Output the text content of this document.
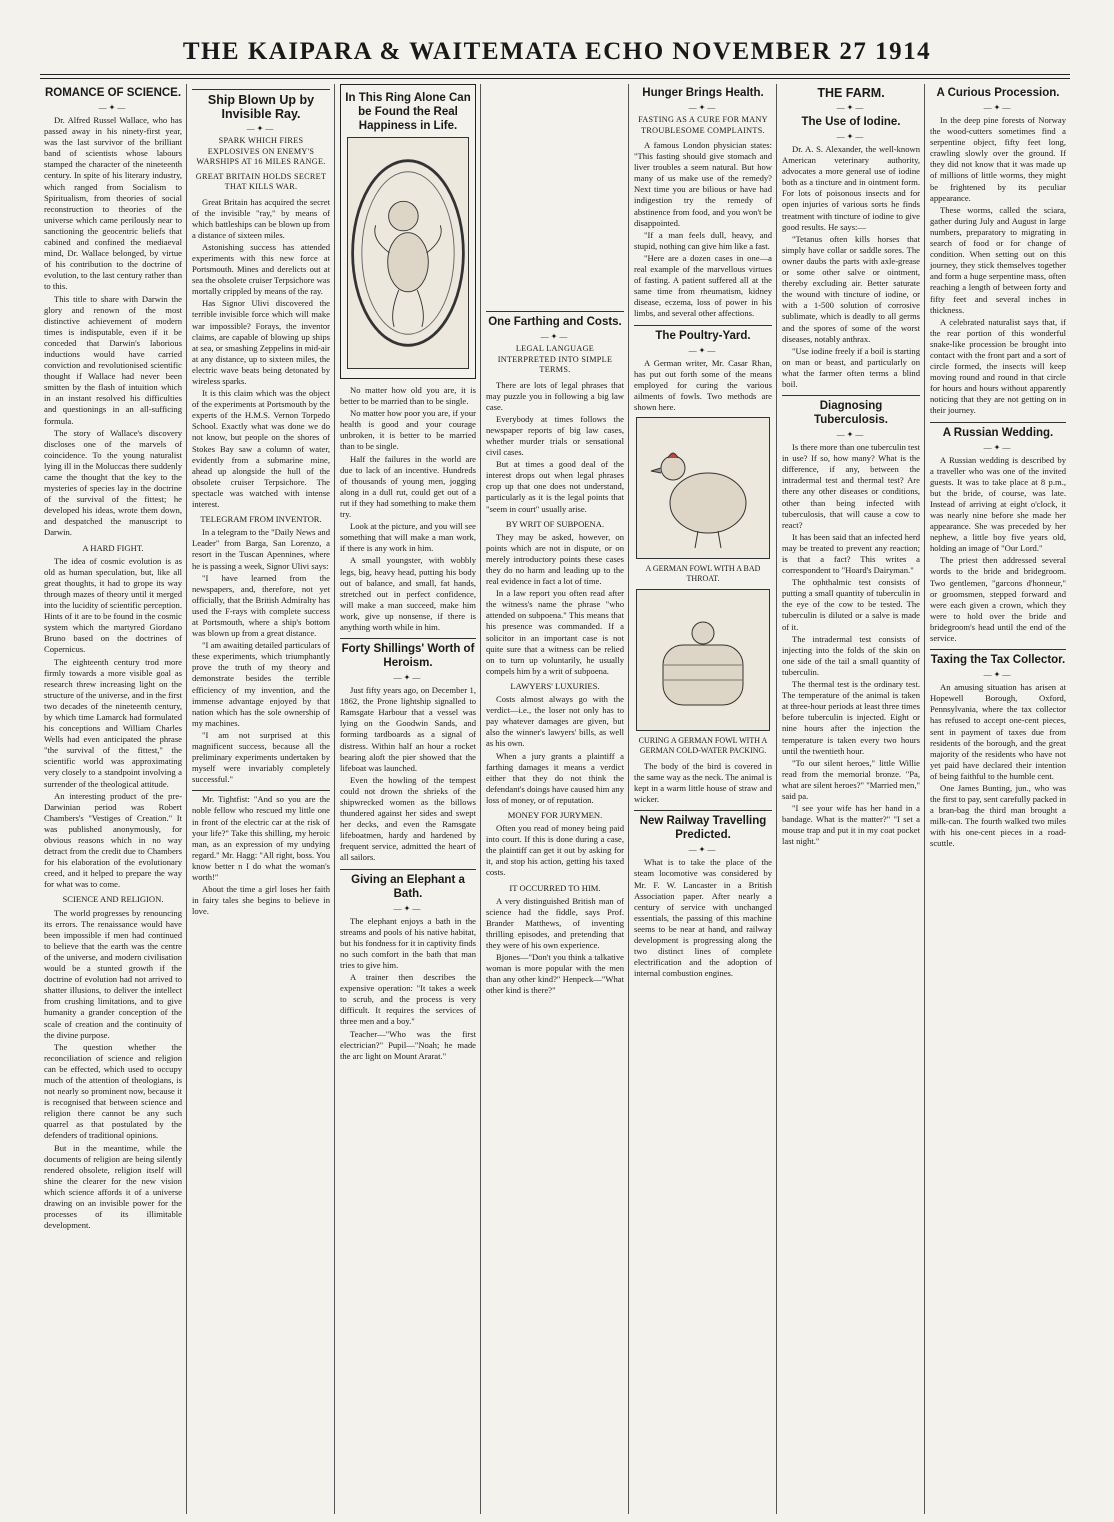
THE KAIPARA & WAITEMATA ECHO NOVEMBER 27 1914
ROMANCE OF SCIENCE.
—✦—

Dr. Alfred Russel Wallace, who has passed away in his ninety-first year, was the last survivor of the brilliant band of scientists whose labours stamped the character of the nineteenth century. In spite of his literary industry, which ranged from Socialism to Spiritualism, from theories of social reconstruction to theories of the universe which came perilously near to sanctioning the geocentric beliefs that cabined and confined the mediaeval mind, Dr. Wallace belonged, by virtue of his contribution to the doctrine of evolution, to the last century rather than to this.

This title to share with Darwin the glory and renown of the most distinctive achievement of modern times is indisputable, even if it be conceded that Darwin's laborious inductions would have carried conviction and revolutionised scientific thought if Wallace had never been smitten by the flash of intuition which in an instant resolved his difficulties and questionings in an all-sufficing formula.

The story of Wallace's discovery discloses one of the marvels of coincidence. To the young naturalist lying ill in the Moluccas there suddenly came the thought that the key to the mysteries of species lay in the doctrine of the survival of the fittest; he developed his ideas, wrote them down, and despatched the manuscript to Darwin.

A HARD FIGHT.

The idea of cosmic evolution is as old as human speculation, but, like all great thoughts, it had to grope its way through mazes of theory until it merged into the lucidity of scientific perception. Hints of it are to be found in the cosmic system which the martyred Giordano Bruno based on the doctrines of Copernicus.

The eighteenth century trod more firmly towards a more visible goal as research threw increasing light on the structure of the universe, and in the first two decades of the nineteenth century, by which time Lamarck had formulated his conceptions and William Charles Wells had even anticipated the phrase "the survival of the fittest," the scientific world was approximating very closely to a standpoint involving a surrender of the theological attitude.

An interesting product of the pre-Darwinian period was Robert Chambers's "Vestiges of Creation." It was published anonymously, for obvious reasons which in no way detract from the credit due to Chambers for his elaboration of the evolutionary creed, and it helped to prepare the way for what was to come.

SCIENCE AND RELIGION.

The world progresses by renouncing its errors. The renaissance would have been impossible if men had continued to believe that the earth was the centre of the universe, and modern civilisation would be a stunted growth if the doctrine of evolution had not arrived to shatter illusions, to deliver the intellect from crushing limitations, and to give humanity a grander conception of the scale of creation and the continuity of the divine purpose.

The question whether the reconciliation of science and religion can be effected, which used to occupy much of the attention of theologians, is not nearly so prominent now, because it is recognised that between science and religion there cannot be any such quarrel as that postulated by the defenders of traditional opinions.

But in the meantime, while the documents of religion are being silently rendered obsolete, religion itself will shine the clearer for the new vision which science affords it of a universe drawing on an invisible power for the processes of its illimitable development.

Ship Blown Up by Invisible Ray.
—✦—
SPARK WHICH FIRES EXPLOSIVES ON ENEMY'S WARSHIPS AT 16 MILES RANGE.
GREAT BRITAIN HOLDS SECRET THAT KILLS WAR.

Great Britain has acquired the secret of the invisible "ray," by means of which battleships can be blown up from a distance of sixteen miles.

Astonishing success has attended experiments with this new force at Portsmouth. Mines and derelicts out at sea the obsolete cruiser Terpsichore was mortally crippled by means of the ray.

Has Signor Ulivi discovered the terrible invisible force which will make war impossible? Forays, the inventor claims, are capable of blowing up ships at sea, or smashing Zeppelins in mid-air at any distance, up to sixteen miles, the electric wave beats being detonated by wireless sparks.

It is this claim which was the object of the experiments at Portsmouth by the experts of the H.M.S. Vernon Torpedo School. Exactly what was done we do not know, but people on the shores of Stokes Bay saw a column of water, evidently from a submarine mine, ahead up alongside the hull of the obsolete cruiser Terpsichore. The spectacle was watched with intense interest.

TELEGRAM FROM INVENTOR.

In a telegram to the "Daily News and Leader" from Barga, San Lorenzo, a resort in the Tuscan Apennines, where he is passing a week, Signor Ulivi says:

"I have learned from the newspapers, and, therefore, not yet officially, that the British Admiralty has used the F-rays with complete success at Portsmouth, where a ship's bottom was blown up from a great distance.

"I am awaiting detailed particulars of these experiments, which triumphantly prove the truth of my theory and demonstrate besides the terrible efficiency of my invention, and the immense advantage enjoyed by that nation which has the sole ownership of my machines.

"I am not surprised at this magnificent success, because all the preliminary experiments undertaken by myself were invariably completely successful."

Mr. Tightfist: "And so you are the noble fellow who rescued my little one in front of the electric car at the risk of your life?" Take this shilling, my heroic man, as an expression of my undying regard." Mr. Hagg: "All right, boss. You know better n I do what the woman's worth!"

About the time a girl loses her faith in fairy tales she begins to believe in love.

In This Ring Alone Can be Found the Real Happiness in Life.

No matter how old you are, it is better to be married than to be single.

No matter how poor you are, if your health is good and your courage unbroken, it is better to be married than to be single.

Half the failures in the world are due to lack of an incentive. Hundreds of thousands of young men, jogging along in a dull rut, could get out of a rut if they had something to make them try.

Look at the picture, and you will see something that will make a man work, if there is any work in him.

A small youngster, with wobbly legs, big, heavy head, putting his body out of balance, and small, fat hands, stretched out in perfect confidence, will make a man succeed, make him work, give up nonsense, if there is anything worth while in him.

Forty Shillings' Worth of Heroism.
—✦—

Just fifty years ago, on December 1, 1862, the Prone lightship signalled to Ramsgate Harbour that a vessel was lying on the Goodwin Sands, and forming tardboards as a signal of distress. Within half an hour a rocket bearing aloft the pier showed that the lifeboat was launched.

Even the howling of the tempest could not drown the shrieks of the shipwrecked women as the billows thundered against her sides and swept her decks, and even the Ramsgate lifeboatmen, hardy and hardened by frequent service, admitted the heart of all sailors.

Giving an Elephant a Bath.
—✦—

The elephant enjoys a bath in the streams and pools of his native habitat, but his fondness for it in captivity finds no such comfort in the bath that man tries to give him.

A trainer then describes the expensive operation: "It takes a week to scrub, and the process is very difficult. It requires the services of three men and a boy."

Teacher—"Who was the first electrician?" Pupil—"Noah; he made the arc light on Mount Ararat."

One Farthing and Costs.
—✦—
LEGAL LANGUAGE INTERPRETED INTO SIMPLE TERMS.

There are lots of legal phrases that may puzzle you in following a big law case.

Everybody at times follows the newspaper reports of big law cases, whether murder trials or sensational civil cases.

But at times a good deal of the interest drops out when legal phrases crop up that one does not understand, particularly as it is the legal points that "seem in court" usually arise.

BY WRIT OF SUBPOENA.

They may be asked, however, on points which are not in dispute, or on merely introductory points these cases they do no harm and leading up to the real evidence in fact a lot of time.

In a law report you often read after the witness's name the phrase "who attended on subpoena." This means that his presence was commanded. If a solicitor in an important case is not quite sure that a witness can be relied on to turn up voluntarily, he usually compels him by a writ of subpoena.

LAWYERS' LUXURIES.

Costs almost always go with the verdict—i.e., the loser not only has to pay whatever damages are given, but also the winner's lawyers' bills, as well as his own.

When a jury grants a plaintiff a farthing damages it means a verdict either that they do not think the defendant's doings have caused him any loss of money, or of reputation.

MONEY FOR JURYMEN.

Often you read of money being paid into court. If this is done during a case, the plaintiff can get it out by asking for it, and stop his action, getting his taxed costs.

IT OCCURRED TO HIM.

A very distinguished British man of science had the fiddle, says Prof. Brander Matthews, of inventing thrilling episodes, and pretending that they were of his own experience.

Bjones—"Don't you think a talkative woman is more popular with the men than any other kind?" Henpeck—"What other kind is there?"

Hunger Brings Health.
—✦—
FASTING AS A CURE FOR MANY TROUBLESOME COMPLAINTS.

A famous London physician states: "This fasting should give stomach and liver troubles a seem natural. But how many of us make use of the remedy? Next time you are bilious or have had indigestion try the remedy of abstinence from food, and you won't be disappointed.

"If a man feels dull, heavy, and stupid, nothing can give him like a fast.

"Here are a dozen cases in one—a real example of the marvellous virtues of fasting. A patient suffered all at the same time from rheumatism, kidney disease, eczema, loss of power in his limbs, and several other affections.

The Poultry-Yard.
—✦—

A German writer, Mr. Casar Rhan, has put out forth some of the means employed for curing the various ailments of fowls. Two methods are shown here.

A GERMAN FOWL WITH A BAD THROAT.
CURING A GERMAN FOWL WITH A GERMAN COLD-WATER PACKING.

The body of the bird is covered in the same way as the neck. The animal is kept in a warm little house of straw and wicker.

New Railway Travelling Predicted.
—✦—

What is to take the place of the steam locomotive was considered by Mr. F. W. Lancaster in a British Association paper. After nearly a century of service with unchanged essentials, the passing of this machine seems to be near at hand, and railway development is progressing along the two distinct lines of complete electrification and the adoption of internal combustion engines.

THE FARM.
—✦—
The Use of Iodine.
—✦—

Dr. A. S. Alexander, the well-known American veterinary authority, advocates a more general use of iodine both as a tincture and in ointment form. For lots of poisonous insects and for open injuries of various sorts he finds treatment with tincture of iodine to give good results. He says:—

"Tetanus often kills horses that simply have collar or saddle sores. The owner daubs the parts with axle-grease or some other salve or ointment, thereby excluding air. Better saturate the wound with tincture of iodine, or with a 1-500 solution of corrosive sublimate, which is deadly to all germs and the spores of some of the worst diseases, notably anthrax.

"Use iodine freely if a boil is starting on man or beast, and particularly on what the farmer often terms a blind boil.

Diagnosing Tuberculosis.
—✦—

Is there more than one tuberculin test in use? If so, how many? What is the difference, if any, between the intradermal test and thermal test? Are there any other diseases or conditions, other than being infected with tuberculosis, that will cause a cow to react?

It has been said that an infected herd may be treated to prevent any reaction; is that a fact? This writes a correspondent to "Hoard's Dairyman."

The ophthalmic test consists of putting a small quantity of tuberculin in the eye of the cow to be tested. The tuberculin is diluted or a salve is made of it.

The intradermal test consists of injecting into the folds of the skin on one side of the tail a small quantity of tuberculin.

The thermal test is the ordinary test. The temperature of the animal is taken at three-hour periods at least three times before tuberculin is injected. Eight or nine hours after the injection the temperature is taken every two hours until the twentieth hour.

"To our silent heroes," little Willie read from the memorial bronze. "Pa, what are silent heroes?" "Married men," said pa.

"I see your wife has her hand in a bandage. What is the matter?" "I set a mouse trap and put it in my coat pocket last night."

A Curious Procession.
—✦—

In the deep pine forests of Norway the wood-cutters sometimes find a serpentine object, fifty feet long, crawling slowly over the ground. If they did not know that it was made up of millions of little worms, they might be frightened by its peculiar appearance.

These worms, called the sciara, gather during July and August in large numbers, preparatory to migrating in search of food or for change of condition. When setting out on this journey, they stick themselves together and form a huge serpentine mass, often reaching a length of between forty and fifty feet and several inches in thickness.

A celebrated naturalist says that, if the rear portion of this wonderful snake-like procession be brought into contact with the front part and a sort of circle formed, the insects will keep moving round and round in that circle for hours and hours without apparently noticing that they are not getting on in their journey.

A Russian Wedding.
—✦—

A Russian wedding is described by a traveller who was one of the invited guests. It was to take place at 8 p.m., but the bride, of course, was late. Instead of arriving at eight o'clock, it was nearly nine before she made her appearance. She was preceded by her nephew, a little boy five years old, holding an image of "Our Lord."

The priest then addressed several words to the bride and bridegroom. Two gentlemen, "garcons d'honneur," or groomsmen, stepped forward and were each given a crown, which they were to hold over the bride and bridegroom's head until the end of the service.

Taxing the Tax Collector.
—✦—

An amusing situation has arisen at Hopewell Borough, Oxford, Pennsylvania, where the tax collector has refused to accept one-cent pieces, sent in payment of taxes due from residents of the borough, and the great majority of the residents who have not yet paid have declared their intention of being faithful to the humble cent.

One James Bunting, jun., who was the first to pay, sent carefully packed in a bran-bag the third man brought a milk-can. The fourth walked two miles with his one-cent pieces in a road-scuttle.
